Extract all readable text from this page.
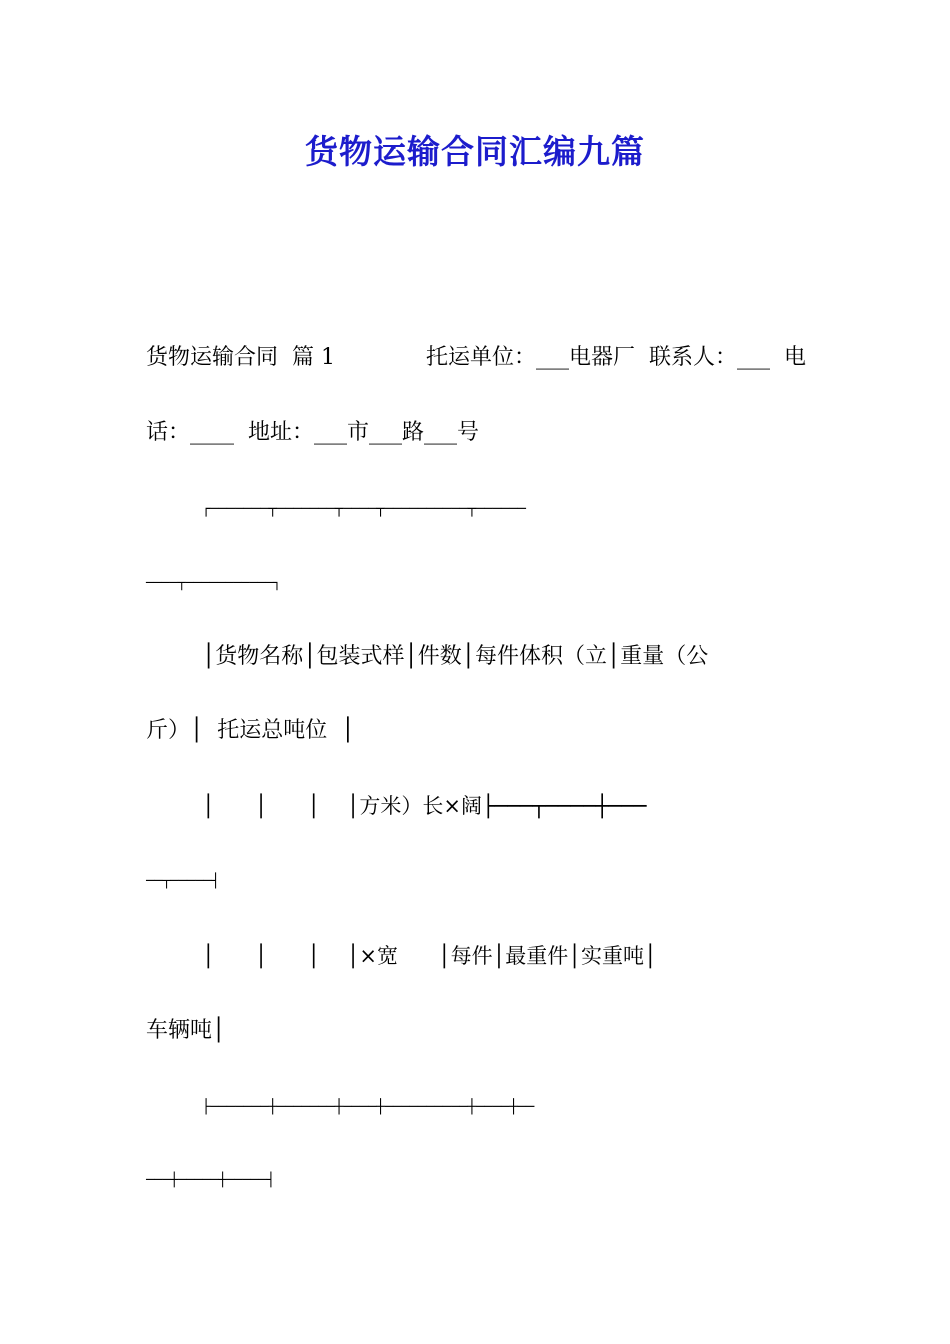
货物运输合同汇编九篇
货物运输合同  篇 1	托运单位：___电器厂  联系人：___  电
话：____  地址：___市___路___号
┌───────┬───────┬────┬──────────┬──────
────┬───────────┐
│货物名称│包装式样│件数│每件体积（立│重量（公
斤）│  托运总吨位  │
│      │      │    │方米）长×阔├───┬────┼───
──┬─────┤
│      │      │    │×宽      │每件│最重件│实重吨│
车辆吨│
├───────┼───────┼────┼──────────┼────┼──
───┼─────┼─────┤
